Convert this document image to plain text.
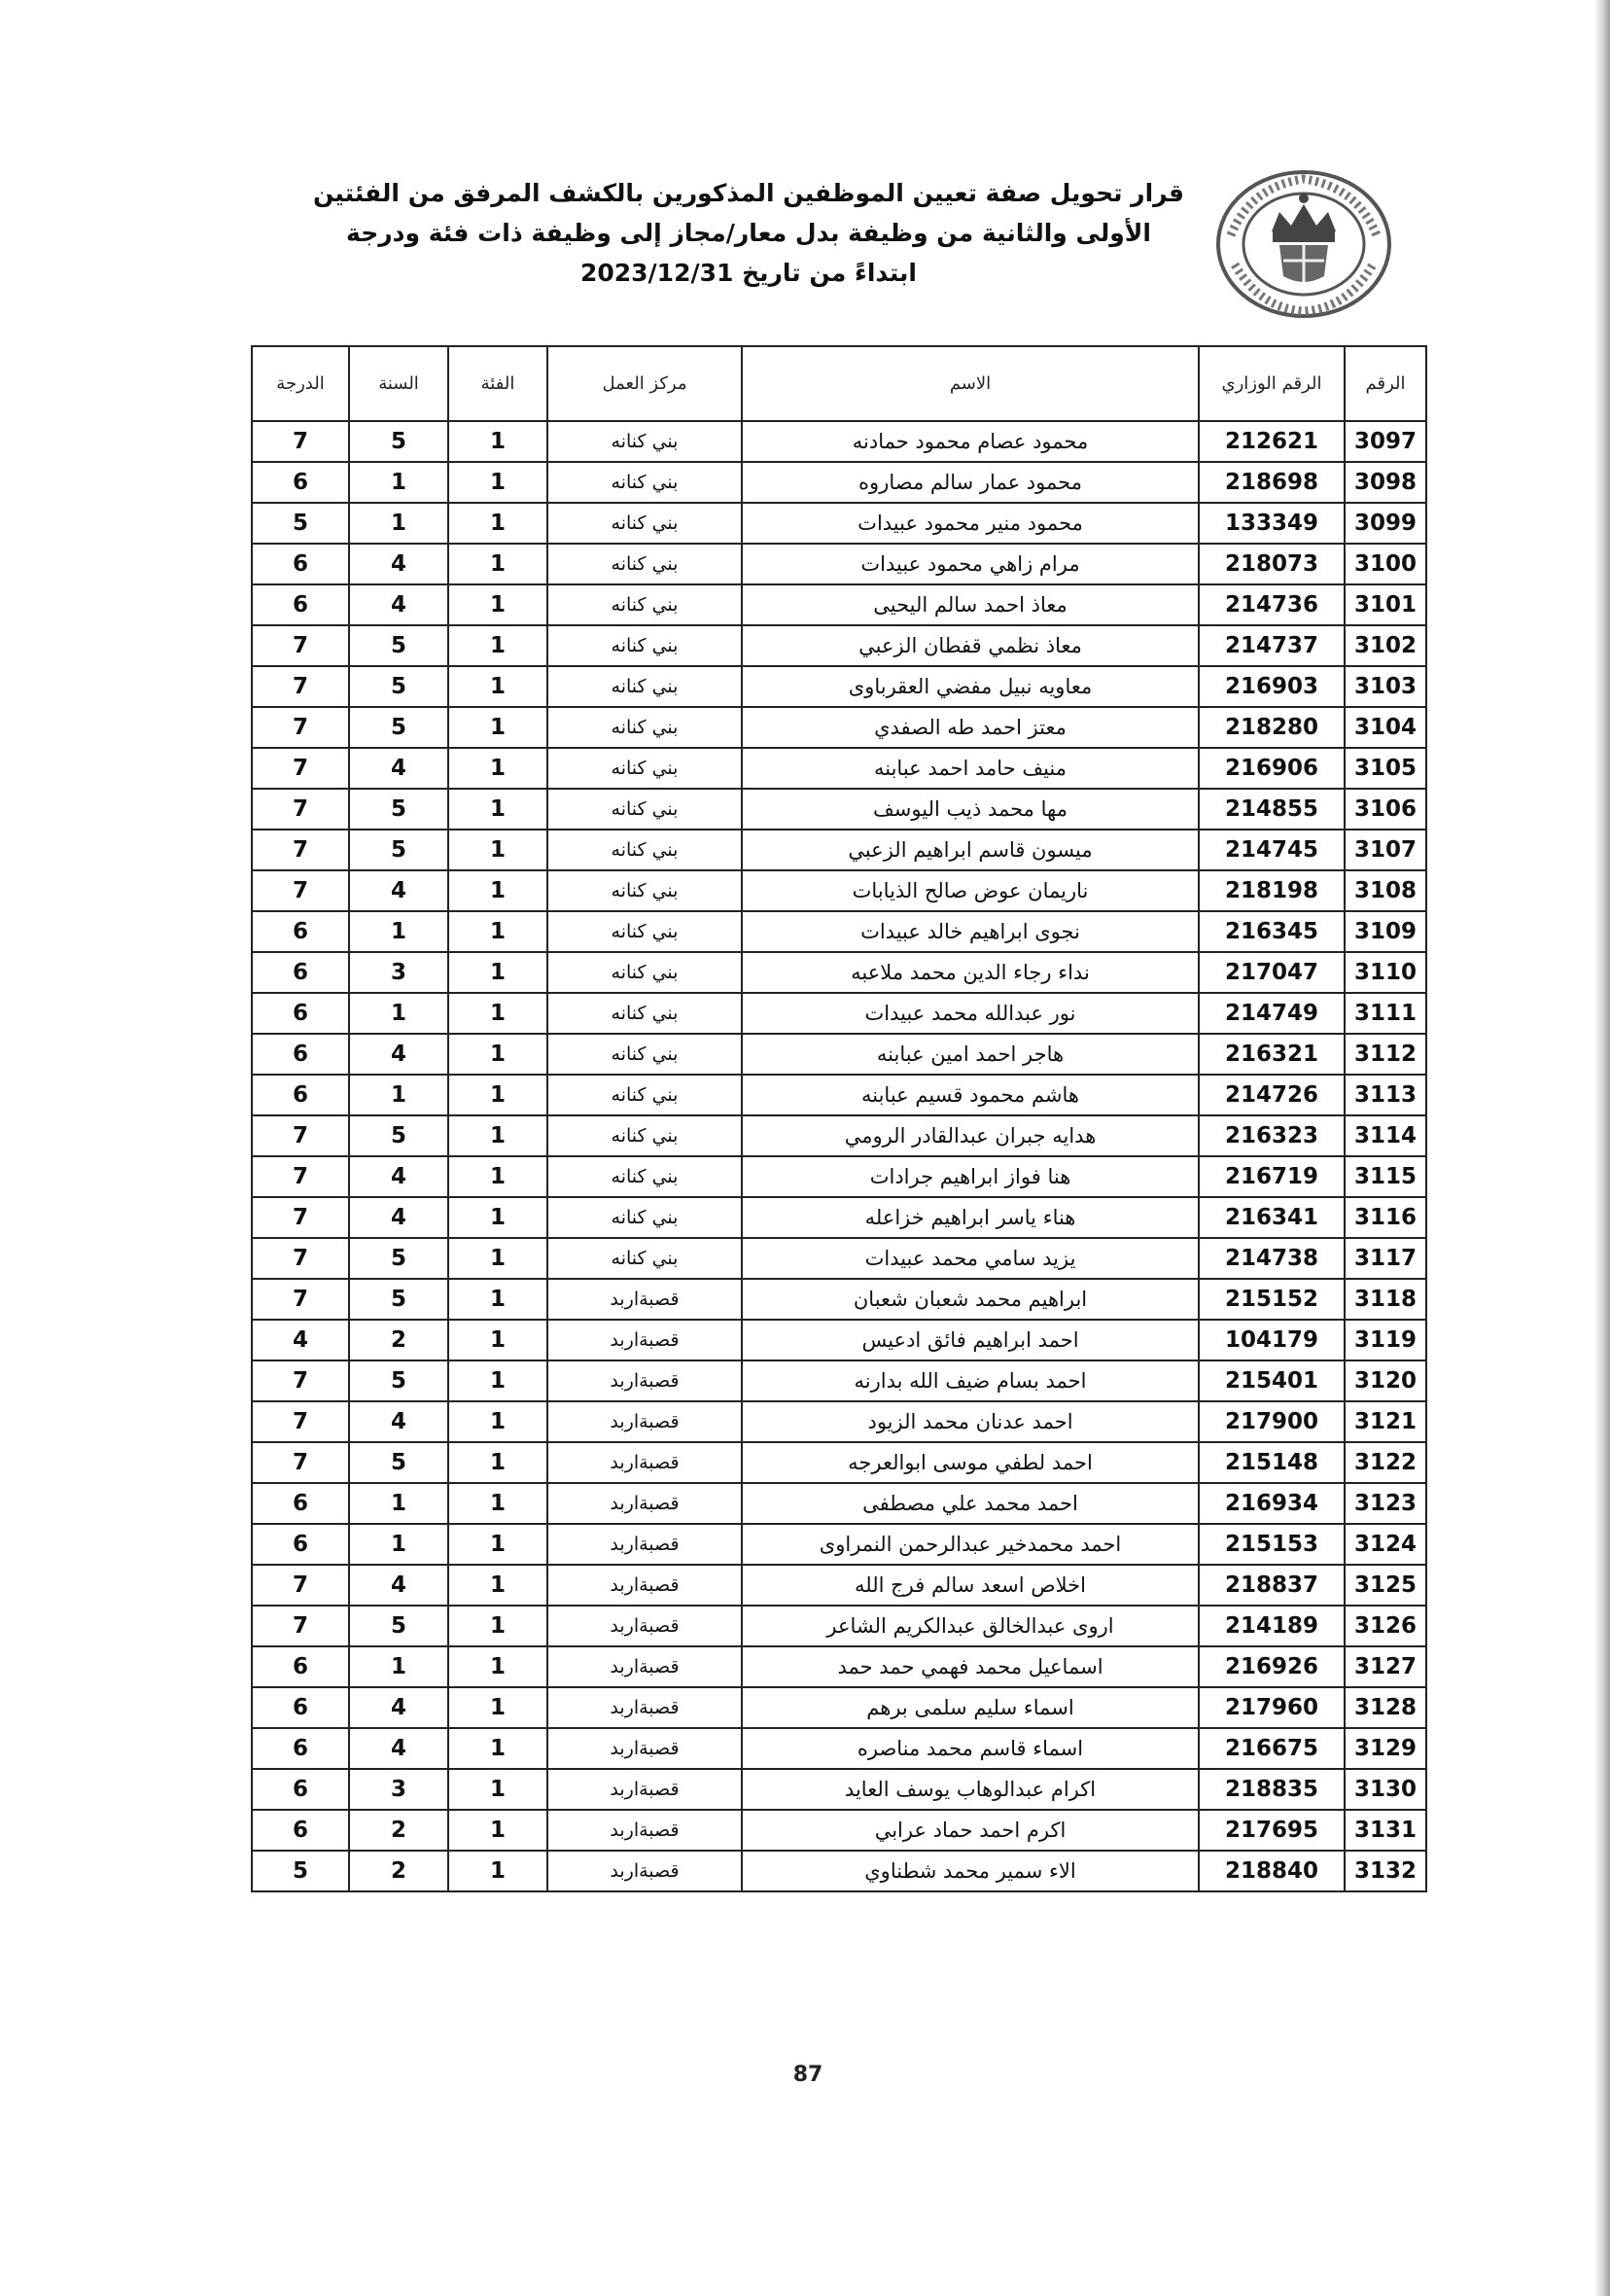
قرار تحويل صفة تعيين الموظفين المذكورين بالكشف المرفق من الفئتين
الأولى والثانية من وظيفة بدل معار/مجاز إلى وظيفة ذات فئة ودرجة
ابتداءً من تاريخ 2023/12/31
الرقم	الرقم الوزاري	الاسم	مركز العمل	الفئة	السنة	الدرجة
3097	212621	محمود عصام محمود حمادنه	بني كنانه	1	5	7
3098	218698	محمود عمار سالم مصاروه	بني كنانه	1	1	6
3099	133349	محمود منير محمود عبيدات	بني كنانه	1	1	5
3100	218073	مرام زاهي محمود عبيدات	بني كنانه	1	4	6
3101	214736	معاذ احمد سالم اليحيى	بني كنانه	1	4	6
3102	214737	معاذ نظمي قفطان الزعبي	بني كنانه	1	5	7
3103	216903	معاويه نبيل مفضي العقرباوى	بني كنانه	1	5	7
3104	218280	معتز احمد طه الصفدي	بني كنانه	1	5	7
3105	216906	منيف حامد احمد عبابنه	بني كنانه	1	4	7
3106	214855	مها محمد ذيب اليوسف	بني كنانه	1	5	7
3107	214745	ميسون قاسم ابراهيم الزعبي	بني كنانه	1	5	7
3108	218198	ناريمان عوض صالح الذيابات	بني كنانه	1	4	7
3109	216345	نجوى ابراهيم خالد عبيدات	بني كنانه	1	1	6
3110	217047	نداء رجاء الدين محمد ملاعبه	بني كنانه	1	3	6
3111	214749	نور عبدالله محمد عبيدات	بني كنانه	1	1	6
3112	216321	هاجر احمد امين عبابنه	بني كنانه	1	4	6
3113	214726	هاشم محمود قسيم عبابنه	بني كنانه	1	1	6
3114	216323	هدايه جبران عبدالقادر الرومي	بني كنانه	1	5	7
3115	216719	هنا فواز ابراهيم جرادات	بني كنانه	1	4	7
3116	216341	هناء ياسر ابراهيم خزاعله	بني كنانه	1	4	7
3117	214738	يزيد سامي محمد عبيدات	بني كنانه	1	5	7
3118	215152	ابراهيم محمد شعبان شعبان	قصبةاربد	1	5	7
3119	104179	احمد ابراهيم فائق ادعيس	قصبةاربد	1	2	4
3120	215401	احمد بسام ضيف الله بدارنه	قصبةاربد	1	5	7
3121	217900	احمد عدنان محمد الزيود	قصبةاربد	1	4	7
3122	215148	احمد لطفي موسى ابوالعرجه	قصبةاربد	1	5	7
3123	216934	احمد محمد علي مصطفى	قصبةاربد	1	1	6
3124	215153	احمد محمدخير عبدالرحمن النمراوى	قصبةاربد	1	1	6
3125	218837	اخلاص اسعد سالم فرج الله	قصبةاربد	1	4	7
3126	214189	اروى عبدالخالق عبدالكريم الشاعر	قصبةاربد	1	5	7
3127	216926	اسماعيل محمد فهمي حمد حمد	قصبةاربد	1	1	6
3128	217960	اسماء سليم سلمى برهم	قصبةاربد	1	4	6
3129	216675	اسماء قاسم محمد مناصره	قصبةاربد	1	4	6
3130	218835	اكرام عبدالوهاب يوسف العايد	قصبةاربد	1	3	6
3131	217695	اكرم احمد حماد عرابي	قصبةاربد	1	2	6
3132	218840	الاء سمير محمد شطناوي	قصبةاربد	1	2	5
87
